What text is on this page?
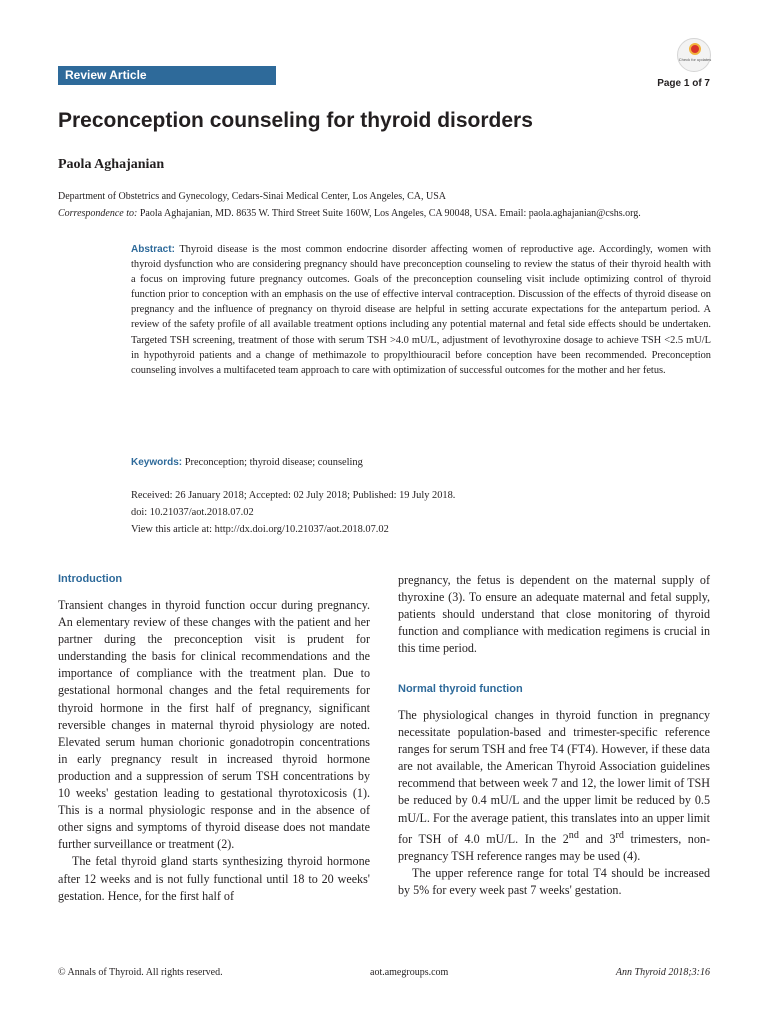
Review Article
Check for updates
Page 1 of 7
Preconception counseling for thyroid disorders
Paola Aghajanian
Department of Obstetrics and Gynecology, Cedars-Sinai Medical Center, Los Angeles, CA, USA
Correspondence to: Paola Aghajanian, MD. 8635 W. Third Street Suite 160W, Los Angeles, CA 90048, USA. Email: paola.aghajanian@cshs.org.
Abstract: Thyroid disease is the most common endocrine disorder affecting women of reproductive age. Accordingly, women with thyroid dysfunction who are considering pregnancy should have preconception counseling to review the status of their thyroid health with a focus on improving future pregnancy outcomes. Goals of the preconception counseling visit include optimizing control of thyroid function prior to conception with an emphasis on the use of effective interval contraception. Discussion of the effects of thyroid disease on pregnancy and the influence of pregnancy on thyroid disease are helpful in setting accurate expectations for the antepartum period. A review of the safety profile of all available treatment options including any potential maternal and fetal side effects should be undertaken. Targeted TSH screening, treatment of those with serum TSH >4.0 mU/L, adjustment of levothyroxine dosage to achieve TSH <2.5 mU/L in hypothyroid patients and a change of methimazole to propylthiouracil before conception have been recommended. Preconception counseling involves a multifaceted team approach to care with optimization of successful outcomes for the mother and her fetus.
Keywords: Preconception; thyroid disease; counseling
Received: 26 January 2018; Accepted: 02 July 2018; Published: 19 July 2018.
doi: 10.21037/aot.2018.07.02
View this article at: http://dx.doi.org/10.21037/aot.2018.07.02
Introduction

Transient changes in thyroid function occur during pregnancy. An elementary review of these changes with the patient and her partner during the preconception visit is prudent for understanding the basis for clinical recommendations and the importance of compliance with the treatment plan. Due to gestational hormonal changes and the fetal requirements for thyroid hormone in the first half of pregnancy, significant reversible changes in maternal thyroid physiology are noted. Elevated serum human chorionic gonadotropin concentrations in early pregnancy result in increased thyroid hormone production and a suppression of serum TSH concentrations by 10 weeks' gestation leading to gestational thyrotoxicosis (1). This is a normal physiologic response and in the absence of other signs and symptoms of thyroid disease does not mandate further surveillance or treatment (2).

The fetal thyroid gland starts synthesizing thyroid hormone after 12 weeks and is not fully functional until 18 to 20 weeks' gestation. Hence, for the first half of

pregnancy, the fetus is dependent on the maternal supply of thyroxine (3). To ensure an adequate maternal and fetal supply, patients should understand that close monitoring of thyroid function and compliance with medication regimens is crucial in this time period.

Normal thyroid function

The physiological changes in thyroid function in pregnancy necessitate population-based and trimester-specific reference ranges for serum TSH and free T4 (FT4). However, if these data are not available, the American Thyroid Association guidelines recommend that between week 7 and 12, the lower limit of TSH be reduced by 0.4 mU/L and the upper limit be reduced by 0.5 mU/L. For the average patient, this translates into an upper limit for TSH of 4.0 mU/L. In the 2nd and 3rd trimesters, non-pregnancy TSH reference ranges may be used (4).

The upper reference range for total T4 should be increased by 5% for every week past 7 weeks' gestation.

© Annals of Thyroid. All rights reserved.	aot.amegroups.com	Ann Thyroid 2018;3:16
